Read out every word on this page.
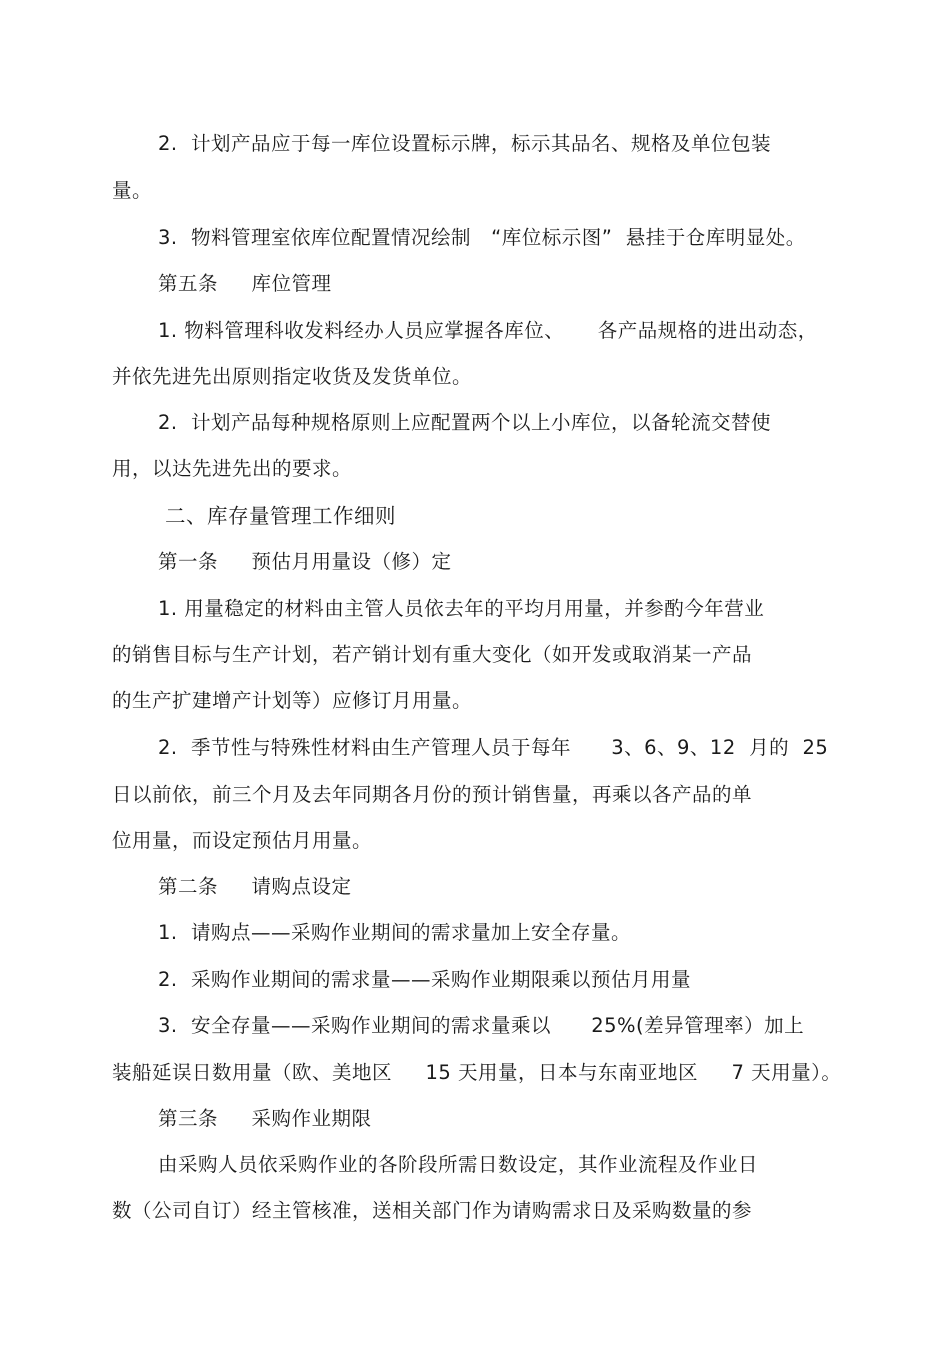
2.  计划产品应于每一库位设置标示牌，标示其品名、规格及单位包装

量。

3.  物料管理室依库位配置情况绘制   “库位标示图”  悬挂于仓库明显处。

第五条     库位管理

1. 物料管理科收发料经办人员应掌握各库位、     各产品规格的进出动态，

并依先进先出原则指定收货及发货单位。

2.  计划产品每种规格原则上应配置两个以上小库位，以备轮流交替使

用，以达先进先出的要求。

二、库存量管理工作细则

第一条     预估月用量设（修）定

1. 用量稳定的材料由主管人员依去年的平均月用量，并参酌今年营业

的销售目标与生产计划，若产销计划有重大变化（如开发或取消某一产品

的生产扩建增产计划等）应修订月用量。

2.  季节性与特殊性材料由生产管理人员于每年      3、6、9、12  月的  25

日以前依，前三个月及去年同期各月份的预计销售量，再乘以各产品的单

位用量，而设定预估月用量。

第二条     请购点设定

1.  请购点——采购作业期间的需求量加上安全存量。

2.  采购作业期间的需求量——采购作业期限乘以预估月用量

3.  安全存量——采购作业期间的需求量乘以      25%(差异管理率）加上

装船延误日数用量（欧、美地区     15 天用量，日本与东南亚地区     7 天用量）。

第三条     采购作业期限

由采购人员依采购作业的各阶段所需日数设定，其作业流程及作业日

数（公司自订）经主管核准，送相关部门作为请购需求日及采购数量的参
